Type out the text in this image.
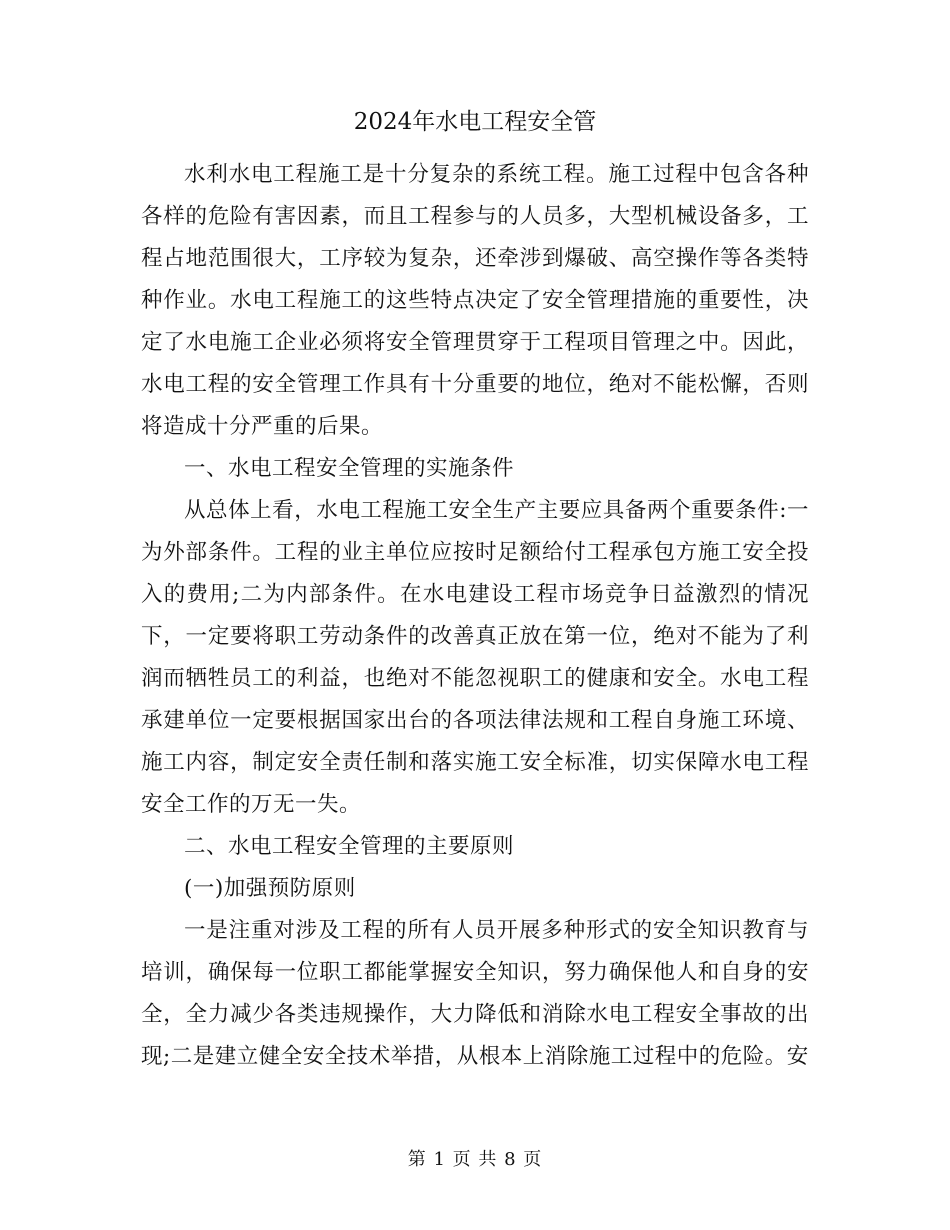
2024年水电工程安全管

水利水电工程施工是十分复杂的系统工程。施工过程中包含各种各样的危险有害因素，而且工程参与的人员多，大型机械设备多，工程占地范围很大，工序较为复杂，还牵涉到爆破、高空操作等各类特种作业。水电工程施工的这些特点决定了安全管理措施的重要性，决定了水电施工企业必须将安全管理贯穿于工程项目管理之中。因此，水电工程的安全管理工作具有十分重要的地位，绝对不能松懈，否则将造成十分严重的后果。

一、水电工程安全管理的实施条件

从总体上看，水电工程施工安全生产主要应具备两个重要条件:一为外部条件。工程的业主单位应按时足额给付工程承包方施工安全投入的费用;二为内部条件。在水电建设工程市场竞争日益激烈的情况下，一定要将职工劳动条件的改善真正放在第一位，绝对不能为了利润而牺牲员工的利益，也绝对不能忽视职工的健康和安全。水电工程承建单位一定要根据国家出台的各项法律法规和工程自身施工环境、施工内容，制定安全责任制和落实施工安全标准，切实保障水电工程安全工作的万无一失。

二、水电工程安全管理的主要原则

(一)加强预防原则

一是注重对涉及工程的所有人员开展多种形式的安全知识教育与培训，确保每一位职工都能掌握安全知识，努力确保他人和自身的安全，全力减少各类违规操作，大力降低和消除水电工程安全事故的出现;二是建立健全安全技术举措，从根本上消除施工过程中的危险。安

第 1 页 共 8 页
